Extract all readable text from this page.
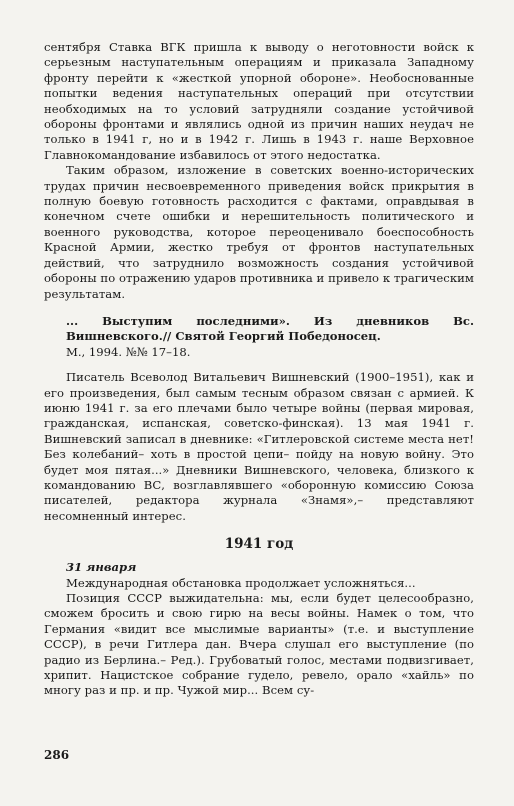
сентября Ставка ВГК пришла к выводу о неготовности войск к серьезным наступательным операциям и приказала Западному фронту перейти к «жесткой упорной обороне». Необоснованные попытки ведения наступательных операций при отсутствии необходимых на то условий затрудняли создание устойчивой обороны фронтами и являлись одной из причин наших неудач не только в 1941 г, но и в 1942 г. Лишь в 1943 г. наше Верховное Главнокомандование избавилось от этого недостатка.

Таким образом, изложение в советских военно-исторических трудах причин несвоевременного приведения войск прикрытия в полную боевую готовность расходится с фактами, оправдывая в конечном счете ошибки и нерешительность политического и военного руководства, которое переоценивало боеспособность Красной Армии, жестко требуя от фронтов наступательных действий, что затруднило возможность создания устойчивой обороны по отражению ударов противника и привело к трагическим результатам.

... Выступим последними». Из дневников Вс. Вишневского.// Святой Георгий Победоносец.
М., 1994. №№ 17–18.

Писатель Всеволод Витальевич Вишневский (1900–1951), как и его произведения, был самым тесным образом связан с армией. К июню 1941 г. за его плечами было четыре войны (первая мировая, гражданская, испанская, советско-финская). 13 мая 1941 г. Вишневский записал в дневнике: «Гитлеровской системе места нет! Без колебаний– хоть в простой цепи– пойду на новую войну. Это будет моя пятая...» Дневники Вишневского, человека, близкого к командованию ВС, возглавлявшего «оборонную комиссию Союза писателей, редактора журнала «Знамя»,– представляют несомненный интерес.

1941 год
31 января

Международная обстановка продолжает усложняться...

Позиция СССР выжидательна: мы, если будет целесообразно, сможем бросить и свою гирю на весы войны. Намек о том, что Германия «видит все мыслимые варианты» (т.е. и выступление СССР), в речи Гитлера дан. Вчера слушал его выступление (по радио из Берлина.– Ред.). Грубоватый голос, местами подвизгивает, хрипит. Нацистское собрание гудело, ревело, орало «хайль» по многу раз и пр. и пр. Чужой мир... Всем су-

286
